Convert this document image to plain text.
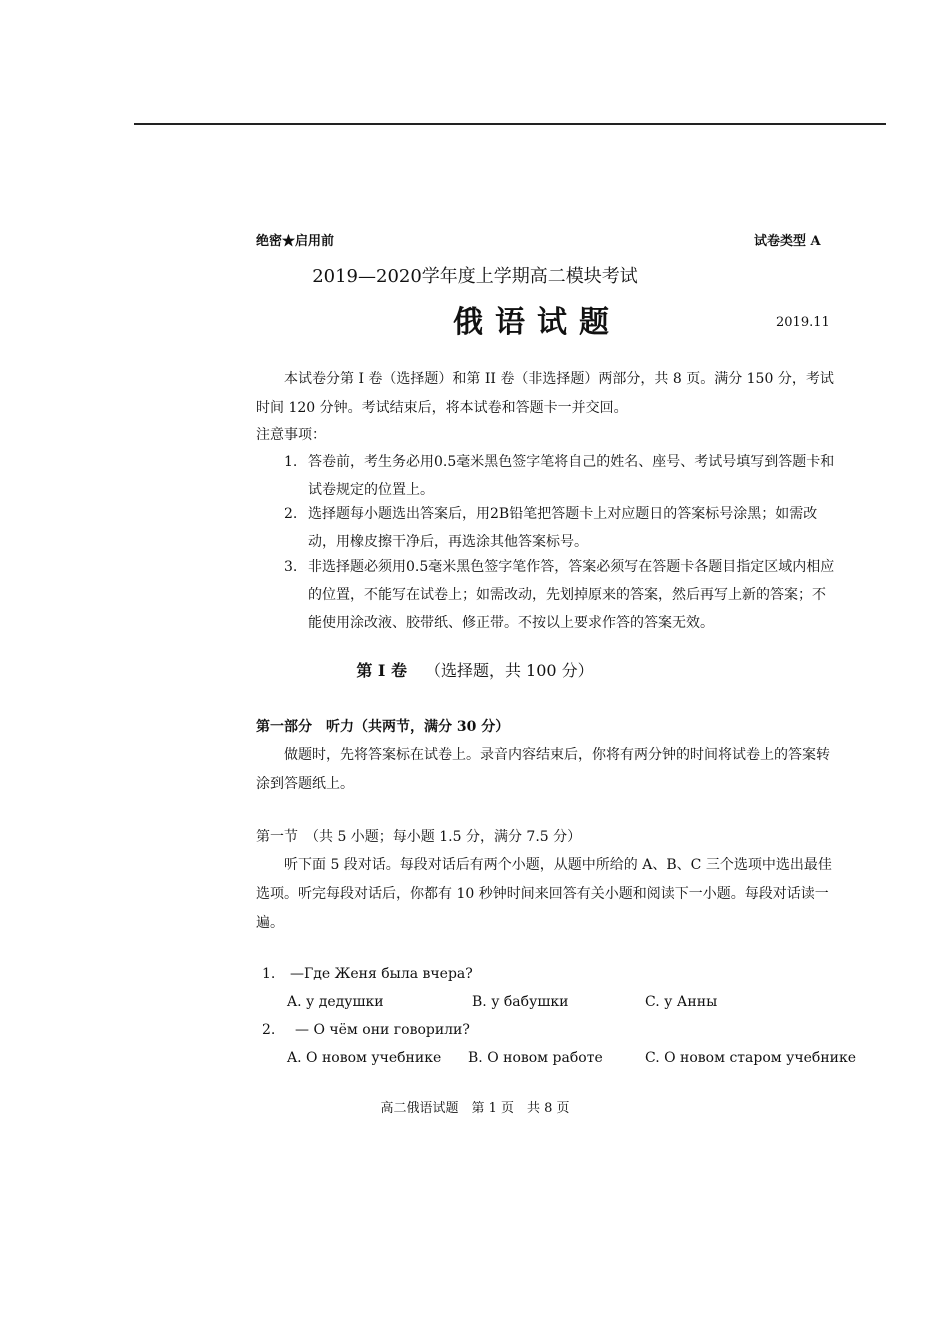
绝密★启用前	试卷类型 A
2019—2020学年度上学期高二模块考试
俄语试题	2019.11
本试卷分第 I 卷（选择题）和第 II 卷（非选择题）两部分，共 8 页。满分 150 分，考试时间 120 分钟。考试结束后，将本试卷和答题卡一并交回。
注意事项：
1. 答卷前，考生务必用0.5毫米黑色签字笔将自己的姓名、座号、考试号填写到答题卡和试卷规定的位置上。
2. 选择题每小题选出答案后，用2B铅笔把答题卡上对应题日的答案标号涂黑；如需改动，用橡皮擦干净后，再选涂其他答案标号。
3. 非选择题必须用0.5毫米黑色签字笔作答，答案必须写在答题卡各题目指定区域内相应的位置，不能写在试卷上；如需改动，先划掉原来的答案，然后再写上新的答案；不能使用涂改液、胶带纸、修正带。不按以上要求作答的答案无效。
第 I 卷 （选择题，共 100 分）
第一部分　听力（共两节，满分 30 分）
做题时，先将答案标在试卷上。录音内容结束后，你将有两分钟的时间将试卷上的答案转涂到答题纸上。
第一节　（共 5 小题；每小题 1.5 分，满分 7.5 分）
听下面 5 段对话。每段对话后有两个小题，从题中所给的 A、B、C 三个选项中选出最佳选项。听完每段对话后，你都有 10 秒钟时间来回答有关小题和阅读下一小题。每段对话读一遍。
1. —Где Женя была вчера?
A. у дедушки	B. у бабушки	C. у Анны
2. — О чём они говорили?
A. О новом учебнике B. О новом работе	C. О новом старом учебнике
高二俄语试题　第 1 页　共 8 页
